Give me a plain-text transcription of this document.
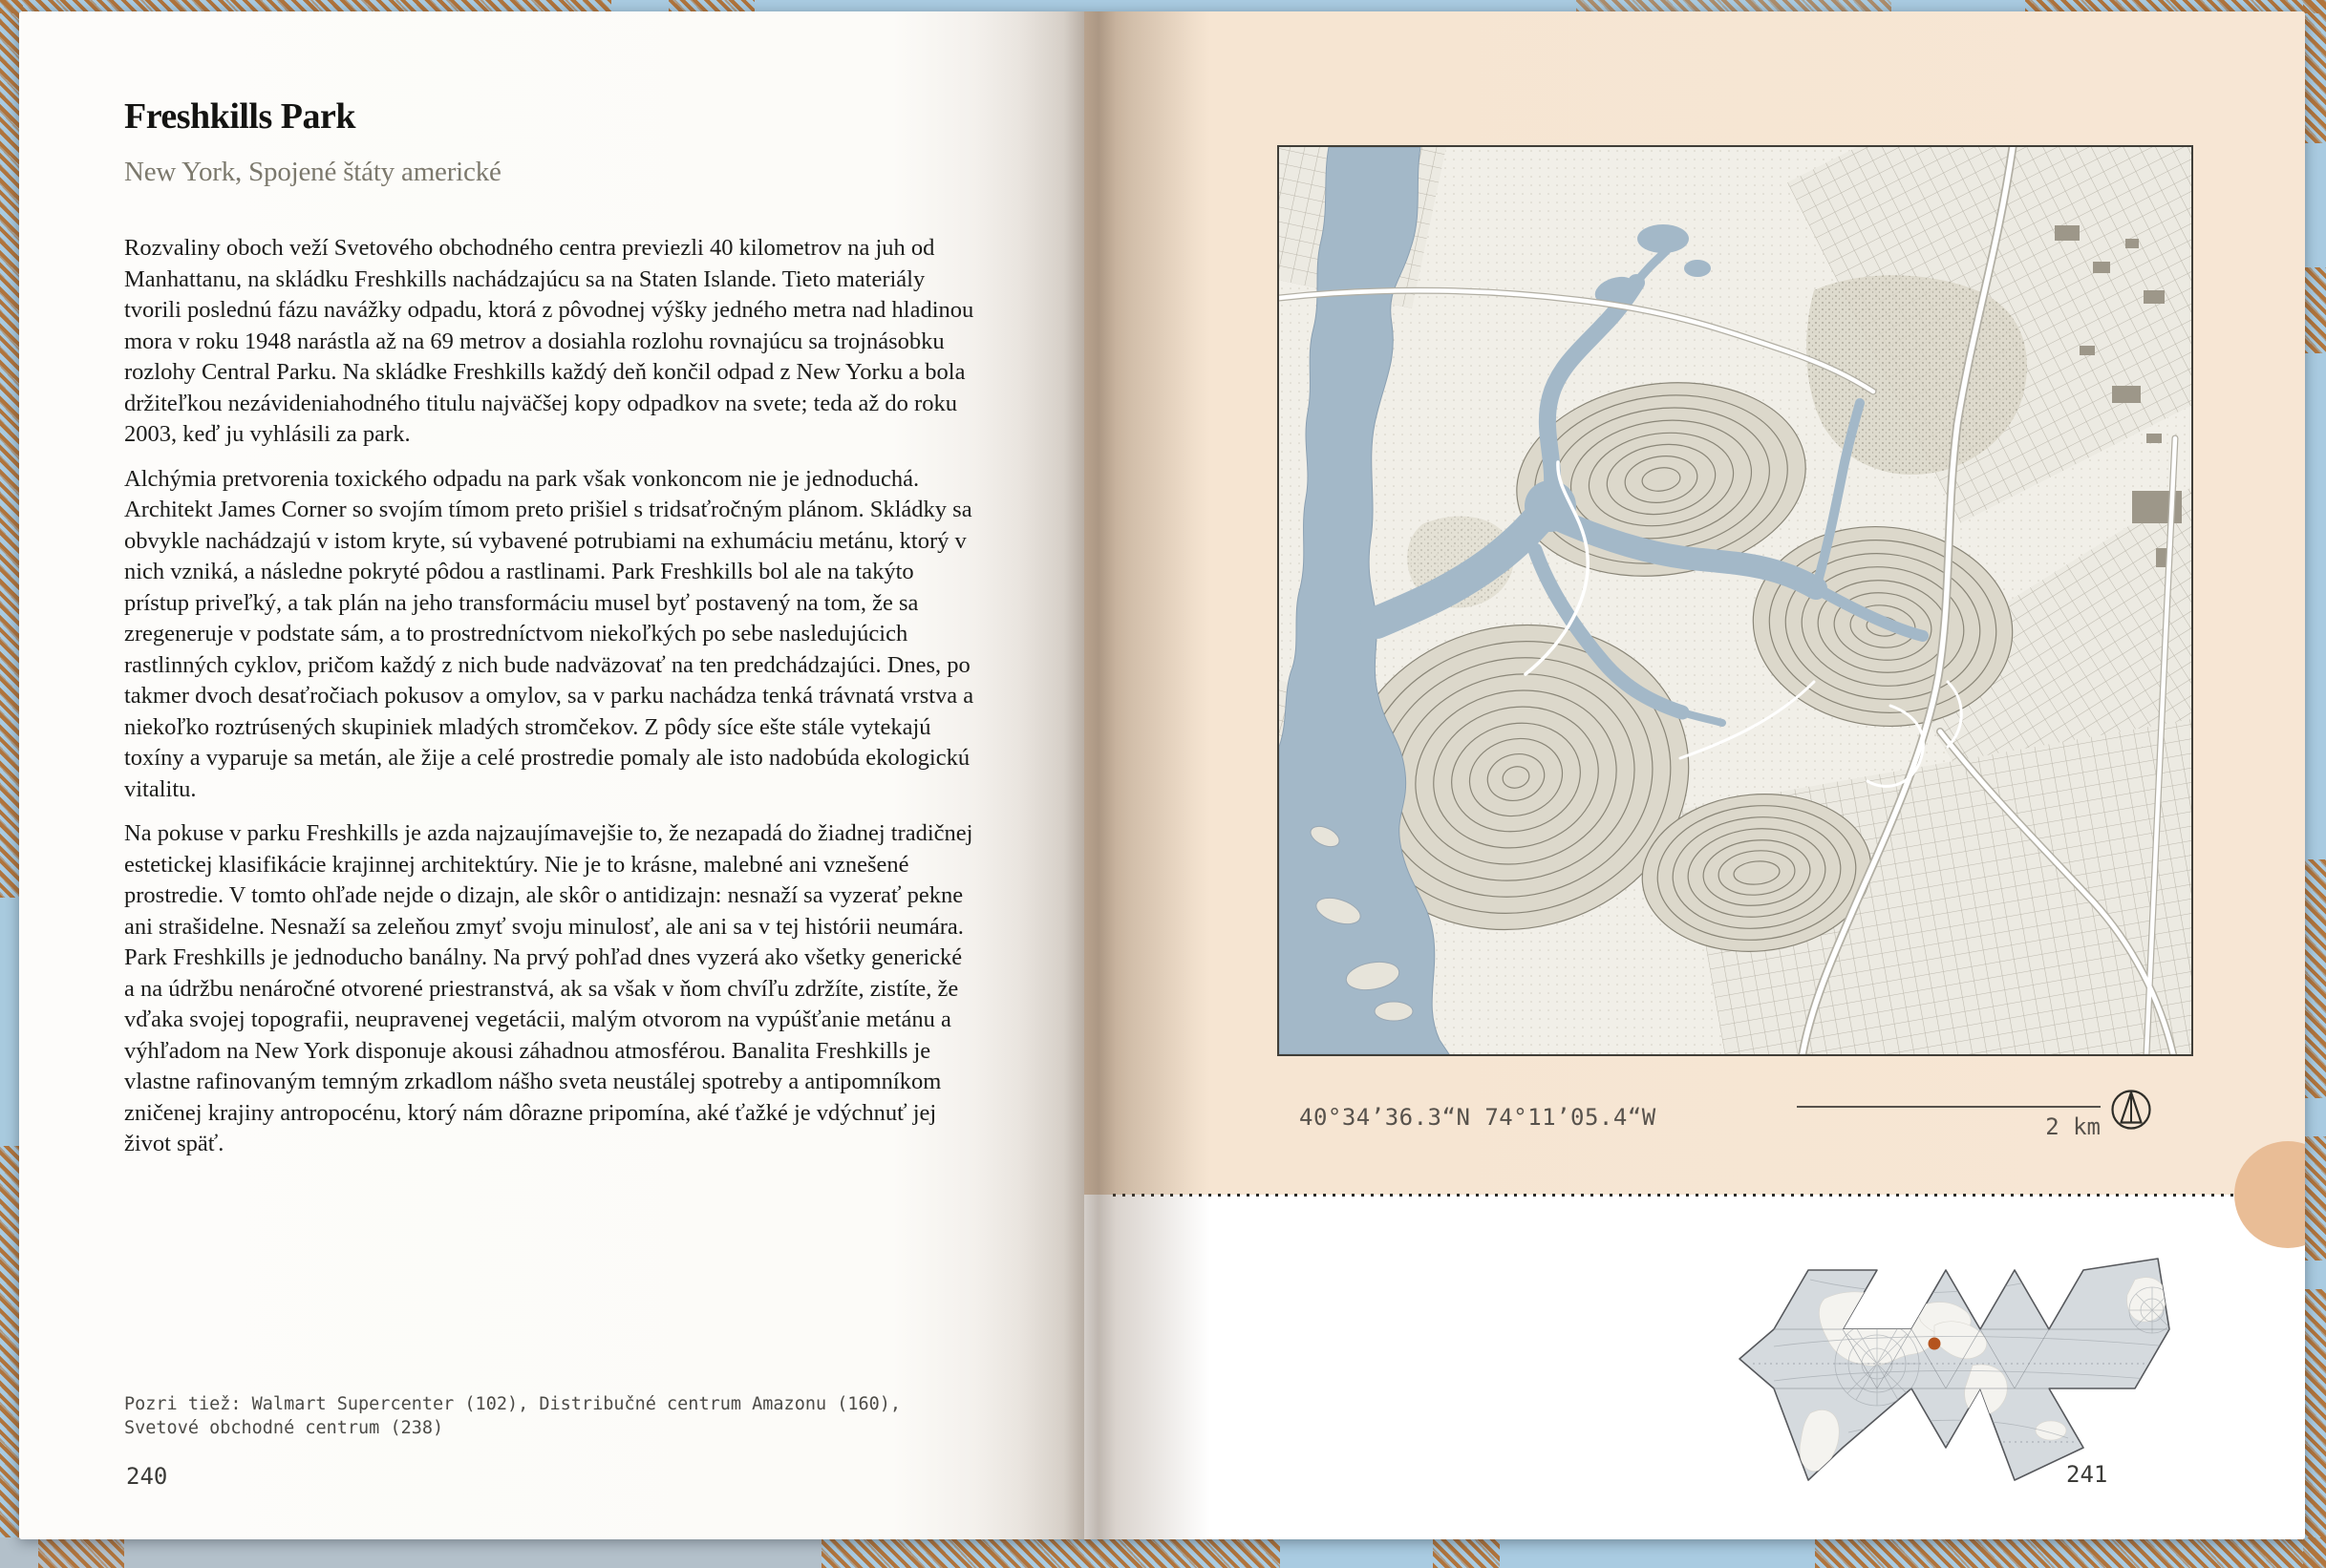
Freshkills Park
New York, Spojené štáty americké

Rozvaliny oboch veží Svetového obchodného centra previezli 40 kilometrov na juh od Manhattanu, na skládku Freshkills nachádzajúcu sa na Staten Islande. Tieto materiály tvorili poslednú fázu navážky odpadu, ktorá z pôvodnej výšky jedného metra nad hladinou mora v roku 1948 narástla až na 69 metrov a dosiahla rozlohu rovnajúcu sa trojnásobku rozlohy Central Parku. Na skládke Freshkills každý deň končil odpad z New Yorku a bola držiteľkou nezávideniahodného titulu najväčšej kopy odpadkov na svete; teda až do roku 2003, keď ju vyhlásili za park.

Alchýmia pretvorenia toxického odpadu na park však vonkoncom nie je jednoduchá. Architekt James Corner so svojím tímom preto prišiel s tridsaťročným plánom. Skládky sa obvykle nachádzajú v istom kryte, sú vybavené potrubiami na exhumáciu metánu, ktorý v nich vzniká, a následne pokryté pôdou a rastlinami. Park Freshkills bol ale na takýto prístup priveľký, a tak plán na jeho transformáciu musel byť postavený na tom, že sa zregeneruje v podstate sám, a to prostredníctvom niekoľkých po sebe nasledujúcich rastlinných cyklov, pričom každý z nich bude nadväzovať na ten predchádzajúci. Dnes, po takmer dvoch desaťročiach pokusov a omylov, sa v parku nachádza tenká trávnatá vrstva a niekoľko roztrúsených skupiniek mladých stromčekov. Z pôdy síce ešte stále vytekajú toxíny a vyparuje sa metán, ale žije a celé prostredie pomaly ale isto nadobúda ekologickú vitalitu.

Na pokuse v parku Freshkills je azda najzaujímavejšie to, že nezapadá do žiadnej tradičnej estetickej klasifikácie krajinnej architektúry. Nie je to krásne, malebné ani vznešené prostredie. V tomto ohľade nejde o dizajn, ale skôr o antidizajn: nesnaží sa vyzerať pekne ani strašidelne. Nesnaží sa zeleňou zmyť svoju minulosť, ale ani sa v tej histórii neumára. Park Freshkills je jednoducho banálny. Na prvý pohľad dnes vyzerá ako všetky generické a na údržbu nenáročné otvorené priestranstvá, ak sa však v ňom chvíľu zdržíte, zistíte, že vďaka svojej topografii, neupravenej vegetácii, malým otvorom na vypúšťanie metánu a výhľadom na New York disponuje akousi záhadnou atmosférou. Banalita Freshkills je vlastne rafinovaným temným zrkadlom nášho sveta neustálej spotreby a antipomníkom zničenej krajiny antropocénu, ktorý nám dôrazne pripomína, aké ťažké je vdýchnuť jej život späť.

Pozri tiež: Walmart Supercenter (102), Distribučné centrum Amazonu (160),
Svetové obchodné centrum (238)
240
40°34’36.3“N 74°11’05.4“W	2 km
241
